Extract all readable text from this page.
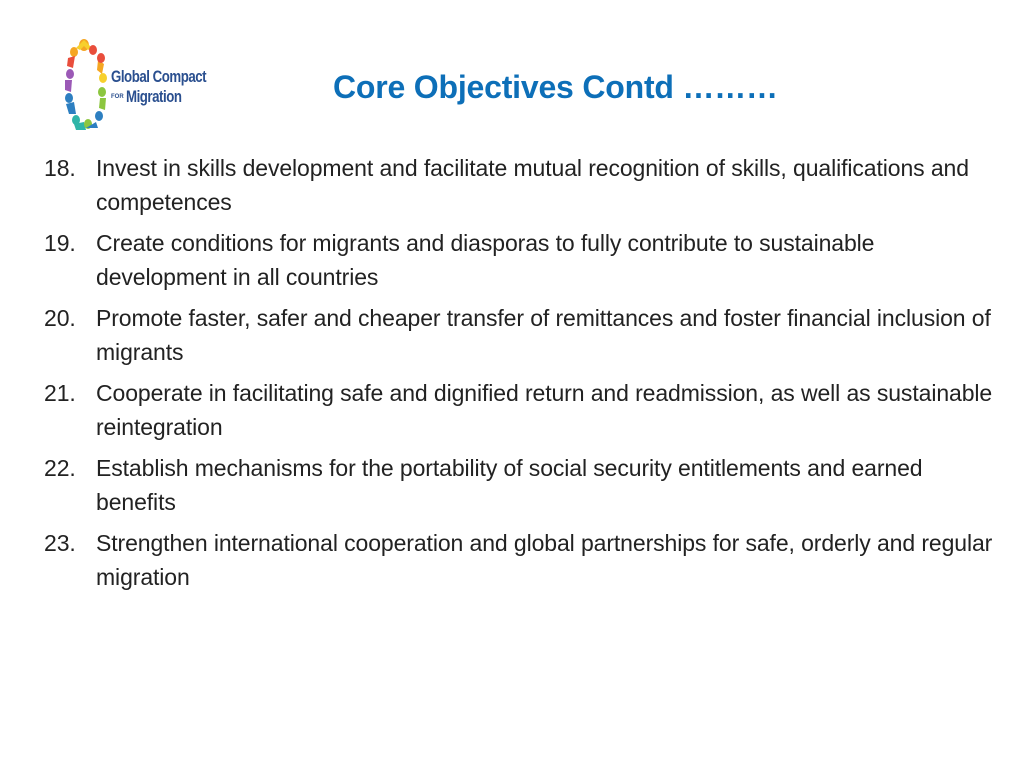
Global Compact
FOR Migration	Core Objectives Contd ………
18. Invest in skills development and facilitate mutual recognition of skills, qualifications and competences
19. Create conditions for migrants and diasporas to fully contribute to sustainable development in all countries
20. Promote faster, safer and cheaper transfer of remittances and foster financial inclusion of migrants
21. Cooperate in facilitating safe and dignified return and readmission, as well as sustainable reintegration
22. Establish mechanisms for the portability of social security entitlements and earned benefits
23. Strengthen international cooperation and global partnerships for safe, orderly and regular migration
